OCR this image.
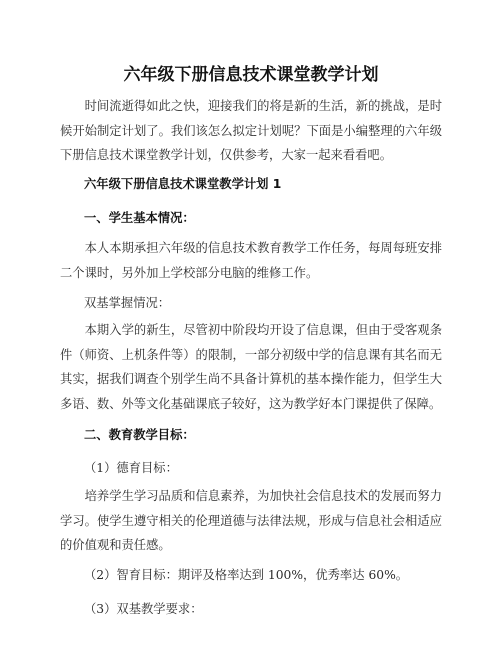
六年级下册信息技术课堂教学计划

时间流逝得如此之快，迎接我们的将是新的生活，新的挑战，是时候开始制定计划了。我们该怎么拟定计划呢？下面是小编整理的六年级下册信息技术课堂教学计划，仅供参考，大家一起来看看吧。

六年级下册信息技术课堂教学计划 1
一、学生基本情况：

本人本期承担六年级的信息技术教育教学工作任务，每周每班安排二个课时，另外加上学校部分电脑的维修工作。

双基掌握情况：

本期入学的新生，尽管初中阶段均开设了信息课，但由于受客观条件（师资、上机条件等）的限制，一部分初级中学的信息课有其名而无其实，据我们调查个别学生尚不具备计算机的基本操作能力，但学生大多语、数、外等文化基础课底子较好，这为教学好本门课提供了保障。

二、教育教学目标：
（1）德育目标：

培养学生学习品质和信息素养，为加快社会信息技术的发展而努力学习。使学生遵守相关的伦理道德与法律法规，形成与信息社会相适应的价值观和责任感。

（2）智育目标：期评及格率达到 100%，优秀率达 60%。
（3）双基教学要求：
